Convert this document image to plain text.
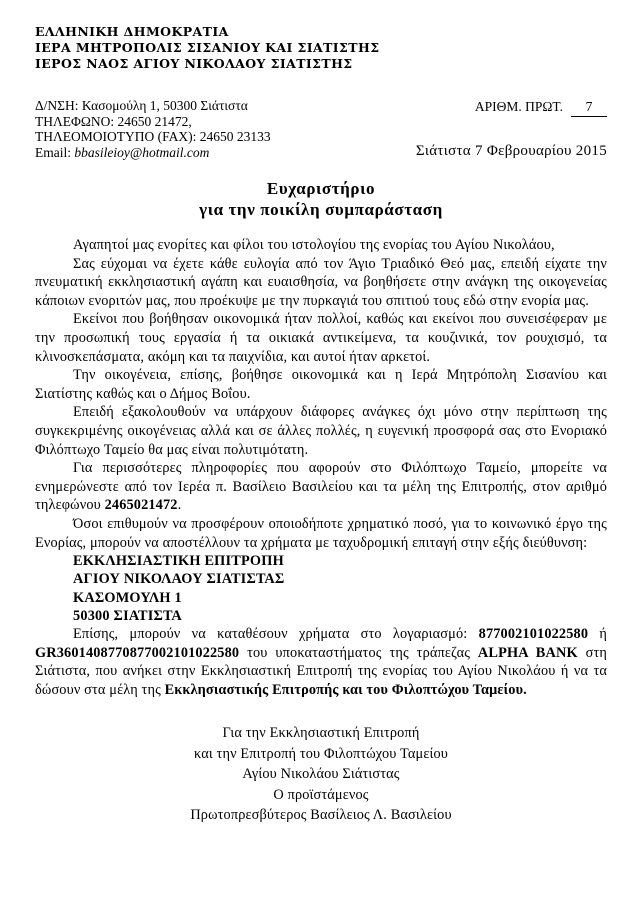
ΕΛΛΗΝΙΚΗ ΔΗΜΟΚΡΑΤΙΑ
ΙΕΡΑ ΜΗΤΡΟΠΟΛΙΣ ΣΙΣΑΝΙΟΥ ΚΑΙ ΣΙΑΤΙΣΤΗΣ
ΙΕΡΟΣ ΝΑΟΣ ΑΓΙΟΥ ΝΙΚΟΛΑΟΥ ΣΙΑΤΙΣΤΗΣ
Δ/ΝΣΗ: Κασομούλη 1, 50300 Σιάτιστα
ΤΗΛΕΦΩΝΟ: 24650 21472,
ΤΗΛΕΟΜΟΙΟΤΥΠΟ (FAX): 24650 23133
Email: bbasileioy@hotmail.com
ΑΡΙΘΜ. ΠΡΩΤ. 7
Σιάτιστα 7 Φεβρουαρίου 2015
Ευχαριστήριο
για την ποικίλη συμπαράσταση

Αγαπητοί μας ενορίτες και φίλοι του ιστολογίου της ενορίας του Αγίου Νικολάου,

Σας εύχομαι να έχετε κάθε ευλογία από τον Άγιο Τριαδικό Θεό μας, επειδή είχατε την πνευματική εκκλησιαστική αγάπη και ευαισθησία, να βοηθήσετε στην ανάγκη της οικογενείας κάποιων ενοριτών μας, που προέκυψε με την πυρκαγιά του σπιτιού τους εδώ στην ενορία μας.

Εκείνοι που βοήθησαν οικονομικά ήταν πολλοί, καθώς και εκείνοι που συνεισέφεραν με την προσωπική τους εργασία ή τα οικιακά αντικείμενα, τα κουζινικά, τον ρουχισμό, τα κλινοσκεπάσματα, ακόμη και τα παιχνίδια, και αυτοί ήταν αρκετοί.

Την οικογένεια, επίσης, βοήθησε οικονομικά και η Ιερά Μητρόπολη Σισανίου και Σιατίστης καθώς και ο Δήμος Βοΐου.

Επειδή εξακολουθούν να υπάρχουν διάφορες ανάγκες όχι μόνο στην περίπτωση της συγκεκριμένης οικογένειας αλλά και σε άλλες πολλές, η ευγενική προσφορά σας στο Ενοριακό Φιλόπτωχο Ταμείο θα μας είναι πολυτιμότατη.

Για περισσότερες πληροφορίες που αφορούν στο Φιλόπτωχο Ταμείο, μπορείτε να ενημερώνεστε από τον Ιερέα π. Βασίλειο Βασιλείου και τα μέλη της Επιτροπής, στον αριθμό τηλεφώνου 2465021472.

Όσοι επιθυμούν να προσφέρουν οποιοδήποτε χρηματικό ποσό, για το κοινωνικό έργο της Ενορίας, μπορούν να αποστέλλουν τα χρήματα με ταχυδρομική επιταγή στην εξής διεύθυνση:

ΕΚΚΛΗΣΙΑΣΤΙΚΗ ΕΠΙΤΡΟΠΗ
ΑΓΙΟΥ ΝΙΚΟΛΑΟΥ ΣΙΑΤΙΣΤΑΣ
ΚΑΣΟΜΟΥΛΗ 1
50300 ΣΙΑΤΙΣΤΑ

Επίσης, μπορούν να καταθέσουν χρήματα στο λογαριασμό: 877002101022580 ή GR3601408770877002101022580 του υποκαταστήματος της τράπεζας ALPHA BANK στη Σιάτιστα, που ανήκει στην Εκκλησιαστική Επιτροπή της ενορίας του Αγίου Νικολάου ή να τα δώσουν στα μέλη της Εκκλησιαστικής Επιτροπής και του Φιλοπτώχου Ταμείου.

Για την Εκκλησιαστική Επιτροπή
και την Επιτροπή του Φιλοπτώχου Ταμείου
Αγίου Νικολάου Σιάτιστας
Ο προϊστάμενος
Πρωτοπρεσβύτερος Βασίλειος Λ. Βασιλείου
